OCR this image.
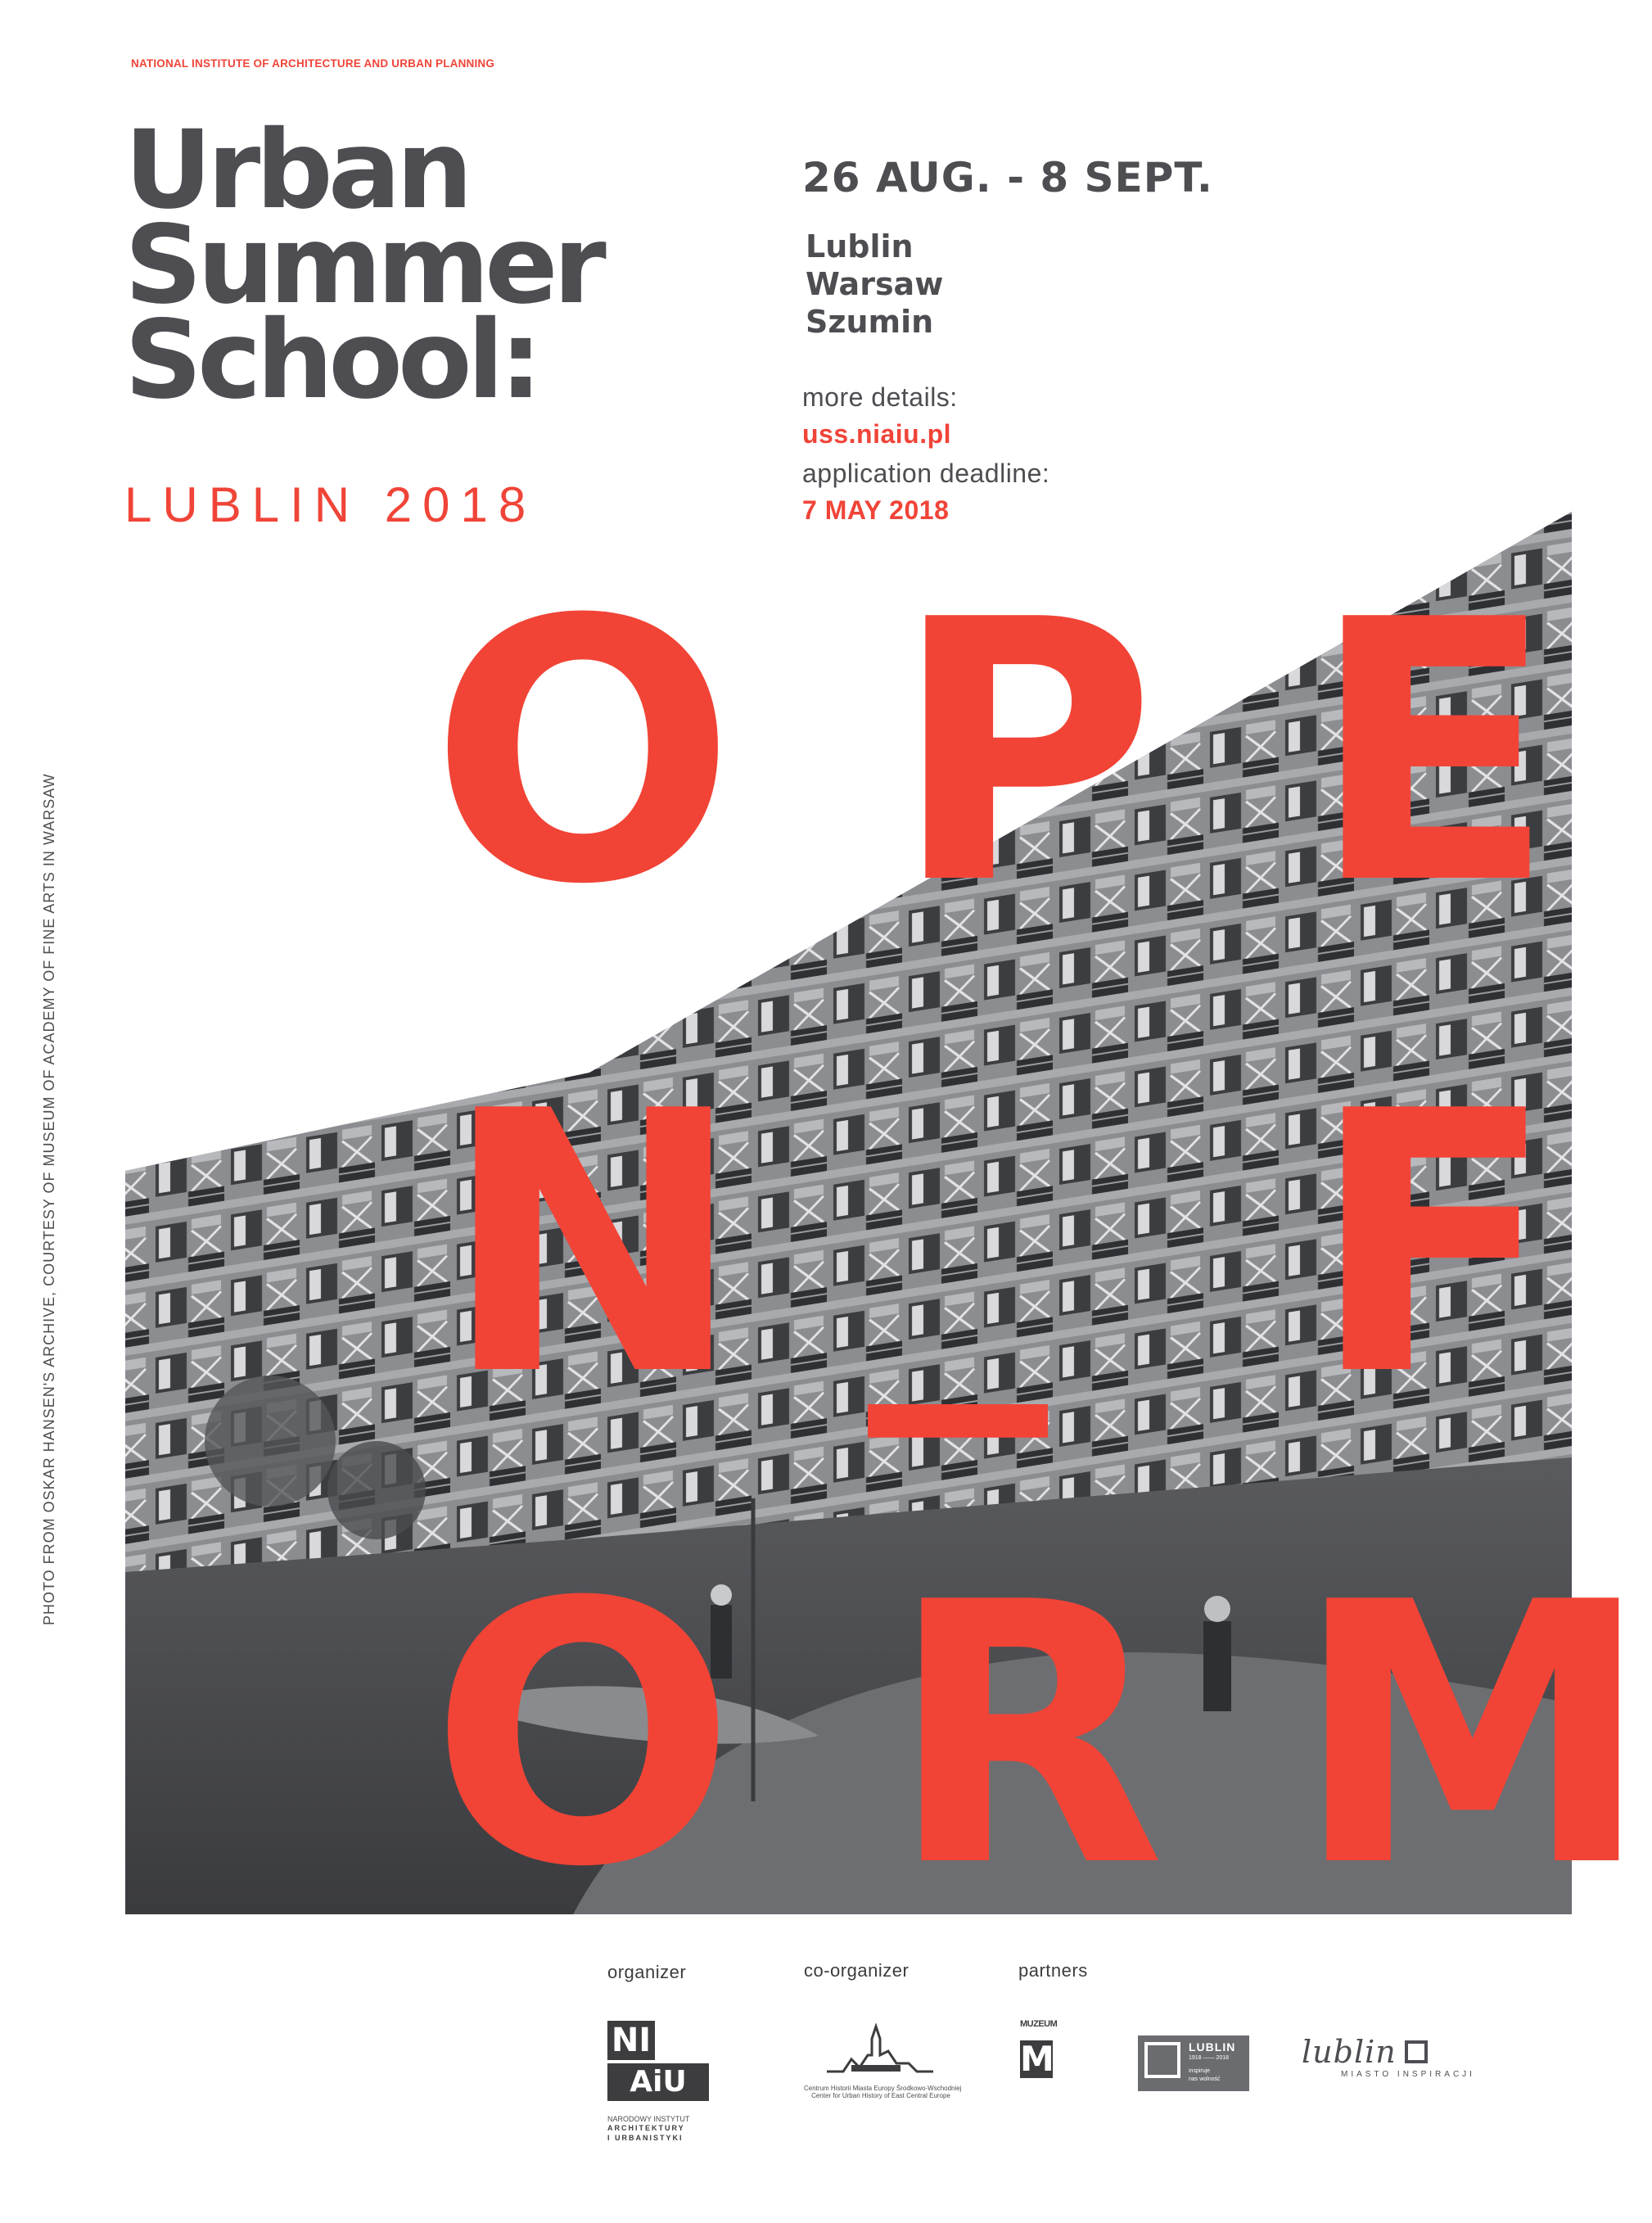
NATIONAL INSTITUTE OF ARCHITECTURE AND URBAN PLANNING
Urban
Summer
School:
LUBLIN 2018
26 AUG. - 8 SEPT.
Lublin
Warsaw
Szumin
more details:
uss.niaiu.pl
application deadline:
7 MAY 2018
PHOTO FROM OSKAR HANSEN'S ARCHIVE, COURTESY OF MUSEUM OF ACADEMY OF FINE ARTS IN WARSAW
O P E
N _ F
O R M
organizer	co-organizer	partners
NI
AiU
NARODOWY INSTYTUT
ARCHITEKTURY
I URBANISTYKI
Centrum Historii Miasta Europy Środkowo-Wschodniej
Center for Urban History of East Central Europe
MUZEUM
M	LUBLIN
1918 —— 2018
inspiruje
nas wolność
lublin
MIASTO INSPIRACJI
